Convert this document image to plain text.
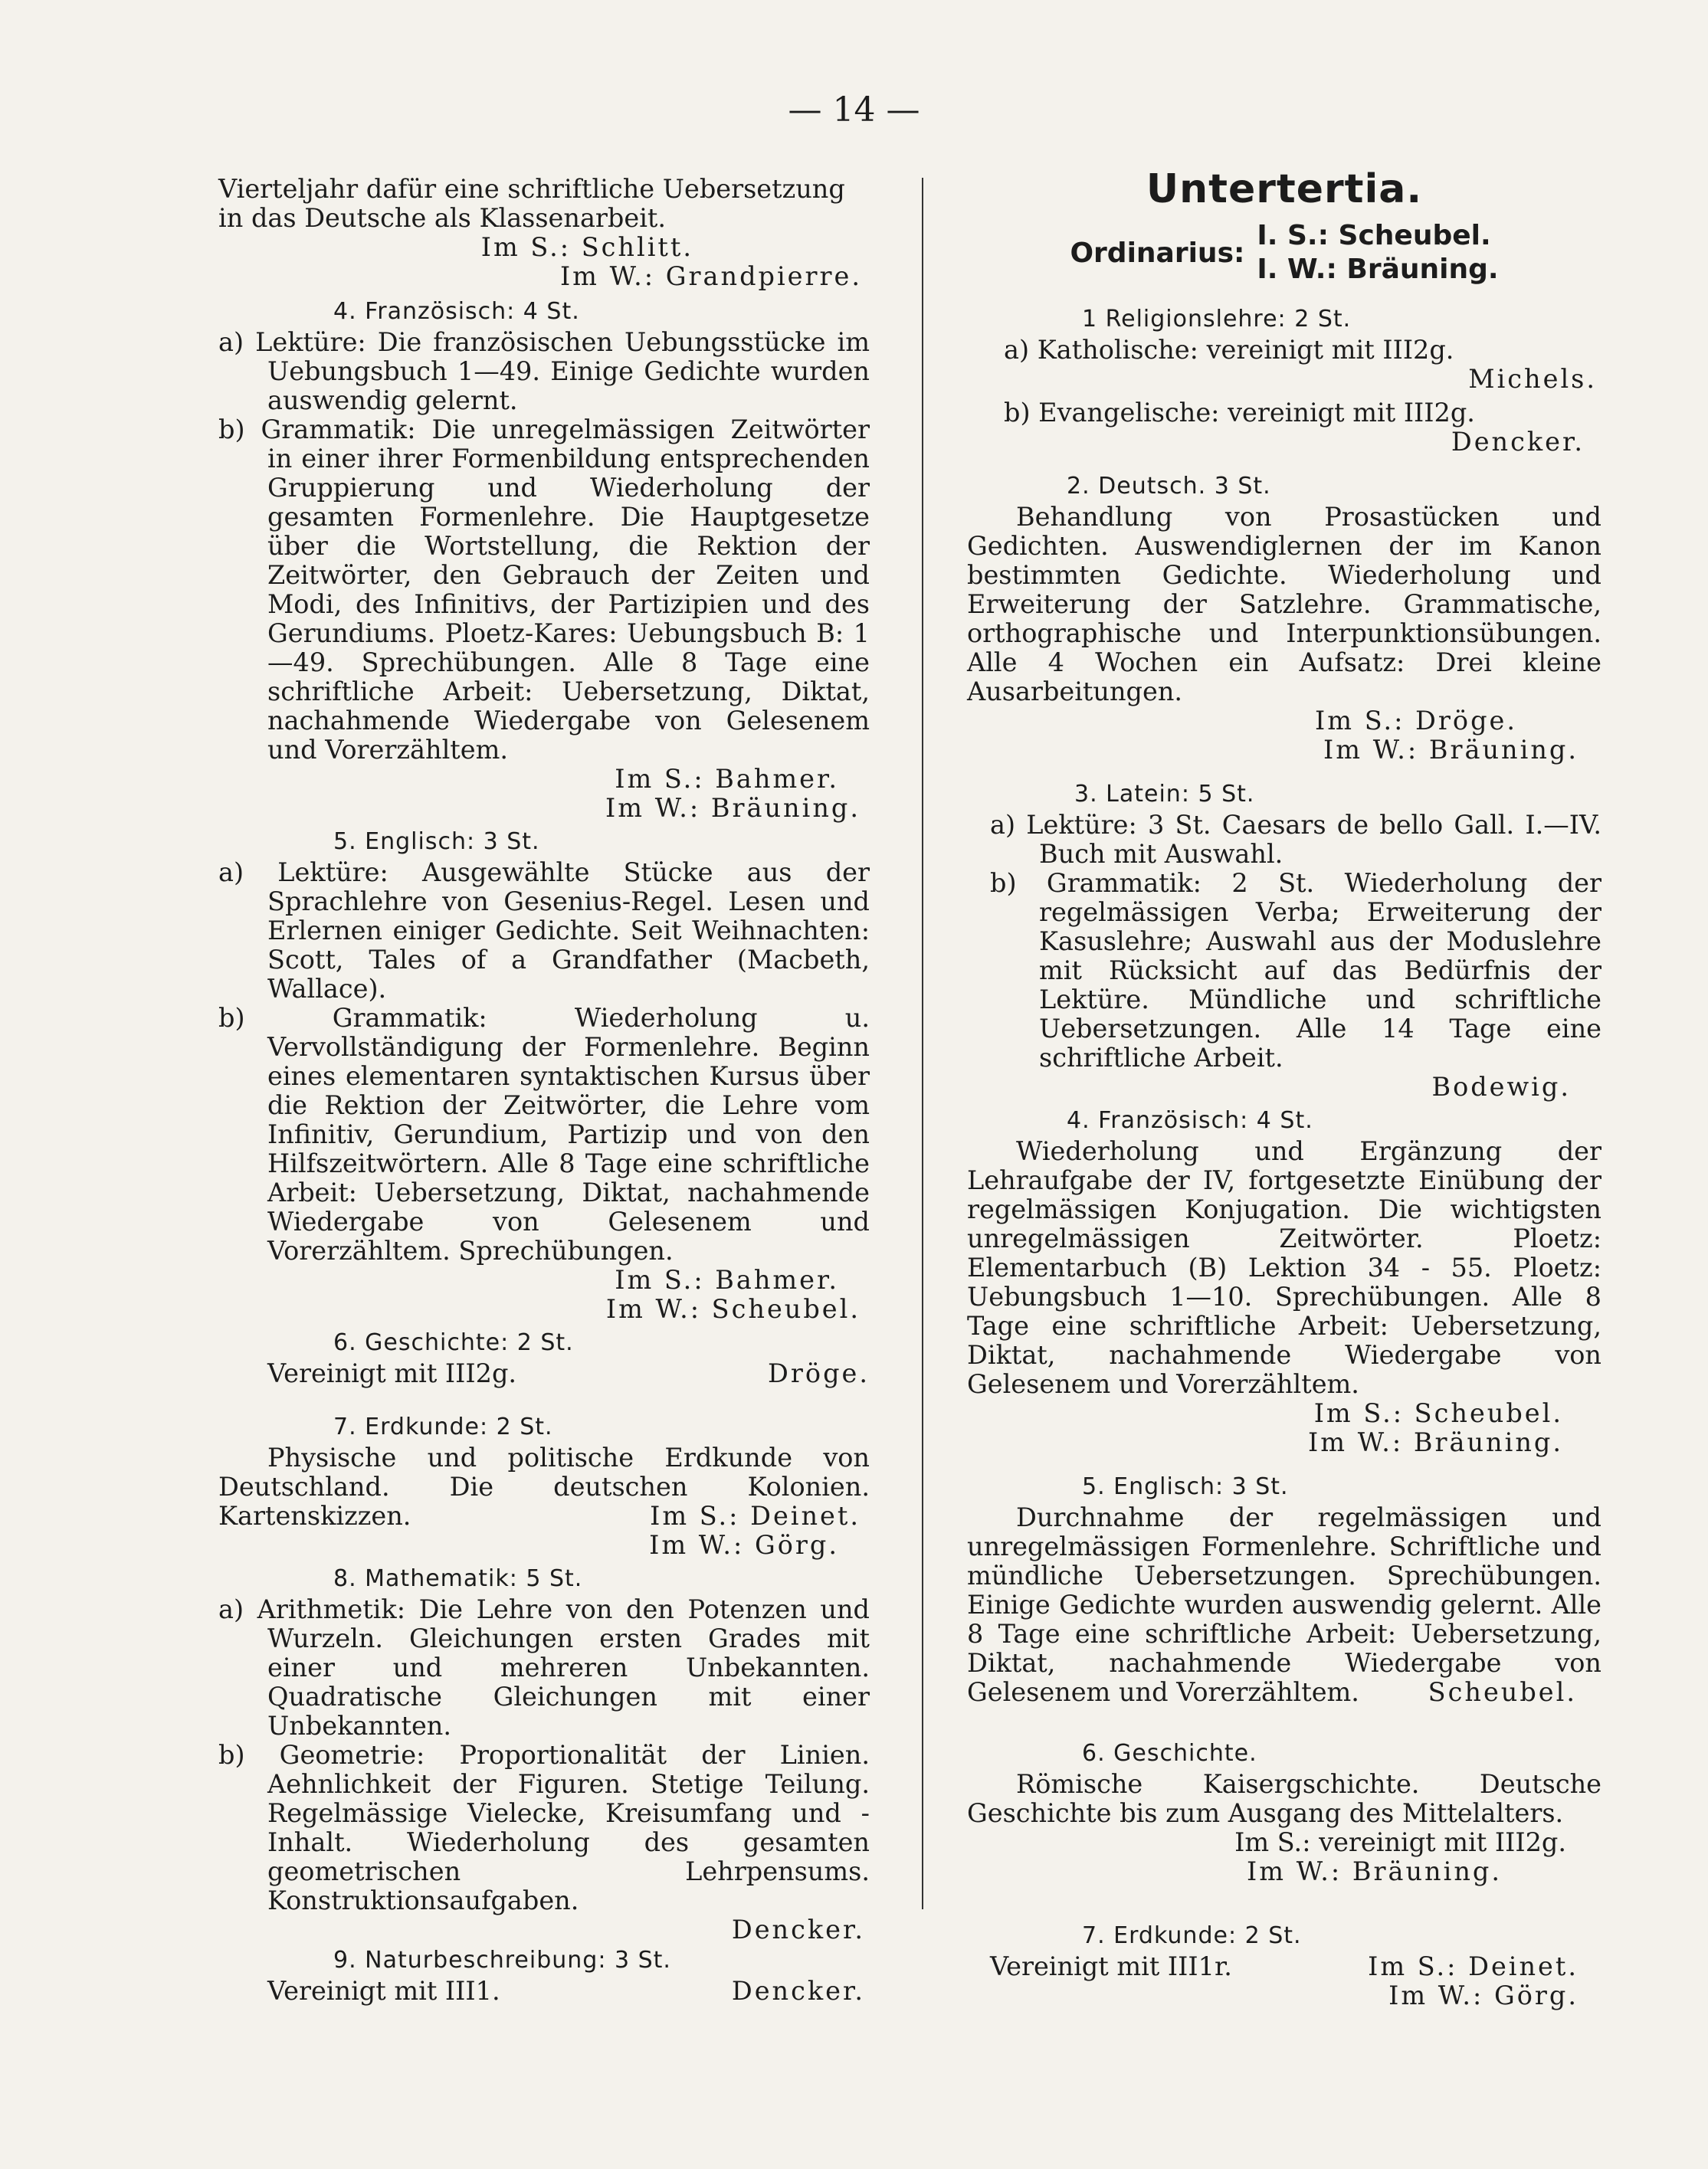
— 14 —
Vierteljahr dafür eine schriftliche Uebersetzung
in das Deutsche als Klassenarbeit.
Im S.: Schlitt.
Im W.: Grandpierre.
4. Französisch: 4 St.
a) Lektüre: Die französischen Uebungsstücke im Uebungsbuch 1—49. Einige Gedichte wurden auswendig gelernt.
b) Grammatik: Die unregelmässigen Zeitwörter in einer ihrer Formenbildung entsprechenden Gruppierung und Wiederholung der gesamten Formenlehre. Die Hauptgesetze über die Wortstellung, die Rektion der Zeitwörter, den Gebrauch der Zeiten und Modi, des Infinitivs, der Partizipien und des Gerundiums. Ploetz-Kares: Uebungsbuch B: 1—49. Sprechübungen. Alle 8 Tage eine schriftliche Arbeit: Uebersetzung, Diktat, nachahmende Wiedergabe von Gelesenem und Vorerzähltem.
Im S.: Bahmer.
Im W.: Bräuning.
5. Englisch: 3 St.
a) Lektüre: Ausgewählte Stücke aus der Sprachlehre von Gesenius-Regel. Lesen und Erlernen einiger Gedichte. Seit Weihnachten: Scott, Tales of a Grandfather (Macbeth, Wallace).
b) Grammatik: Wiederholung u. Vervollständigung der Formenlehre. Beginn eines elementaren syntaktischen Kursus über die Rektion der Zeitwörter, die Lehre vom Infinitiv, Gerundium, Partizip und von den Hilfszeitwörtern. Alle 8 Tage eine schriftliche Arbeit: Uebersetzung, Diktat, nachahmende Wiedergabe von Gelesenem und Vorerzähltem. Sprechübungen.
Im S.: Bahmer.
Im W.: Scheubel.
6. Geschichte: 2 St.
Vereinigt mit III2g.	Dröge.
7. Erdkunde: 2 St.
Physische und politische Erdkunde von Deutschland. Die deutschen Kolonien. Kartenskizzen.	Im S.: Deinet.
Im W.: Görg.
8. Mathematik: 5 St.
a) Arithmetik: Die Lehre von den Potenzen und Wurzeln. Gleichungen ersten Grades mit einer und mehreren Unbekannten. Quadratische Gleichungen mit einer Unbekannten.
b) Geometrie: Proportionalität der Linien. Aehnlichkeit der Figuren. Stetige Teilung. Regelmässige Vielecke, Kreisumfang und -Inhalt. Wiederholung des gesamten geometrischen Lehrpensums. Konstruktionsaufgaben.
Dencker.
9. Naturbeschreibung: 3 St.
Vereinigt mit III1.	Dencker.
Untertertia.
Ordinarius:
I. S.: Scheubel.
I. W.: Bräuning.
1 Religionslehre: 2 St.
a) Katholische: vereinigt mit III2g.
Michels.
b) Evangelische: vereinigt mit III2g.
Dencker.
2. Deutsch. 3 St.
Behandlung von Prosastücken und Gedichten. Auswendiglernen der im Kanon bestimmten Gedichte. Wiederholung und Erweiterung der Satzlehre. Grammatische, orthographische und Interpunktionsübungen. Alle 4 Wochen ein Aufsatz: Drei kleine Ausarbeitungen.
Im S.: Dröge.
Im W.: Bräuning.
3. Latein: 5 St.
a) Lektüre: 3 St. Caesars de bello Gall. I.—IV. Buch mit Auswahl.
b) Grammatik: 2 St. Wiederholung der regelmässigen Verba; Erweiterung der Kasuslehre; Auswahl aus der Moduslehre mit Rücksicht auf das Bedürfnis der Lektüre. Mündliche und schriftliche Uebersetzungen. Alle 14 Tage eine schriftliche Arbeit.
Bodewig.
4. Französisch: 4 St.
Wiederholung und Ergänzung der Lehraufgabe der IV, fortgesetzte Einübung der regelmässigen Konjugation. Die wichtigsten unregelmässigen Zeitwörter. Ploetz: Elementarbuch (B) Lektion 34 - 55. Ploetz: Uebungsbuch 1—10. Sprechübungen. Alle 8 Tage eine schriftliche Arbeit: Uebersetzung, Diktat, nachahmende Wiedergabe von Gelesenem und Vorerzähltem.
Im S.: Scheubel.
Im W.: Bräuning.
5. Englisch: 3 St.
Durchnahme der regelmässigen und unregelmässigen Formenlehre. Schriftliche und mündliche Uebersetzungen. Sprechübungen. Einige Gedichte wurden auswendig gelernt. Alle 8 Tage eine schriftliche Arbeit: Uebersetzung, Diktat, nachahmende Wiedergabe von Gelesenem und Vorerzähltem.	Scheubel.
6. Geschichte.
Römische Kaisergschichte. Deutsche Geschichte bis zum Ausgang des Mittelalters.
Im S.: vereinigt mit III2g.
Im W.: Bräuning.
7. Erdkunde: 2 St.
Vereinigt mit III1r.	Im S.: Deinet.
Im W.: Görg.
